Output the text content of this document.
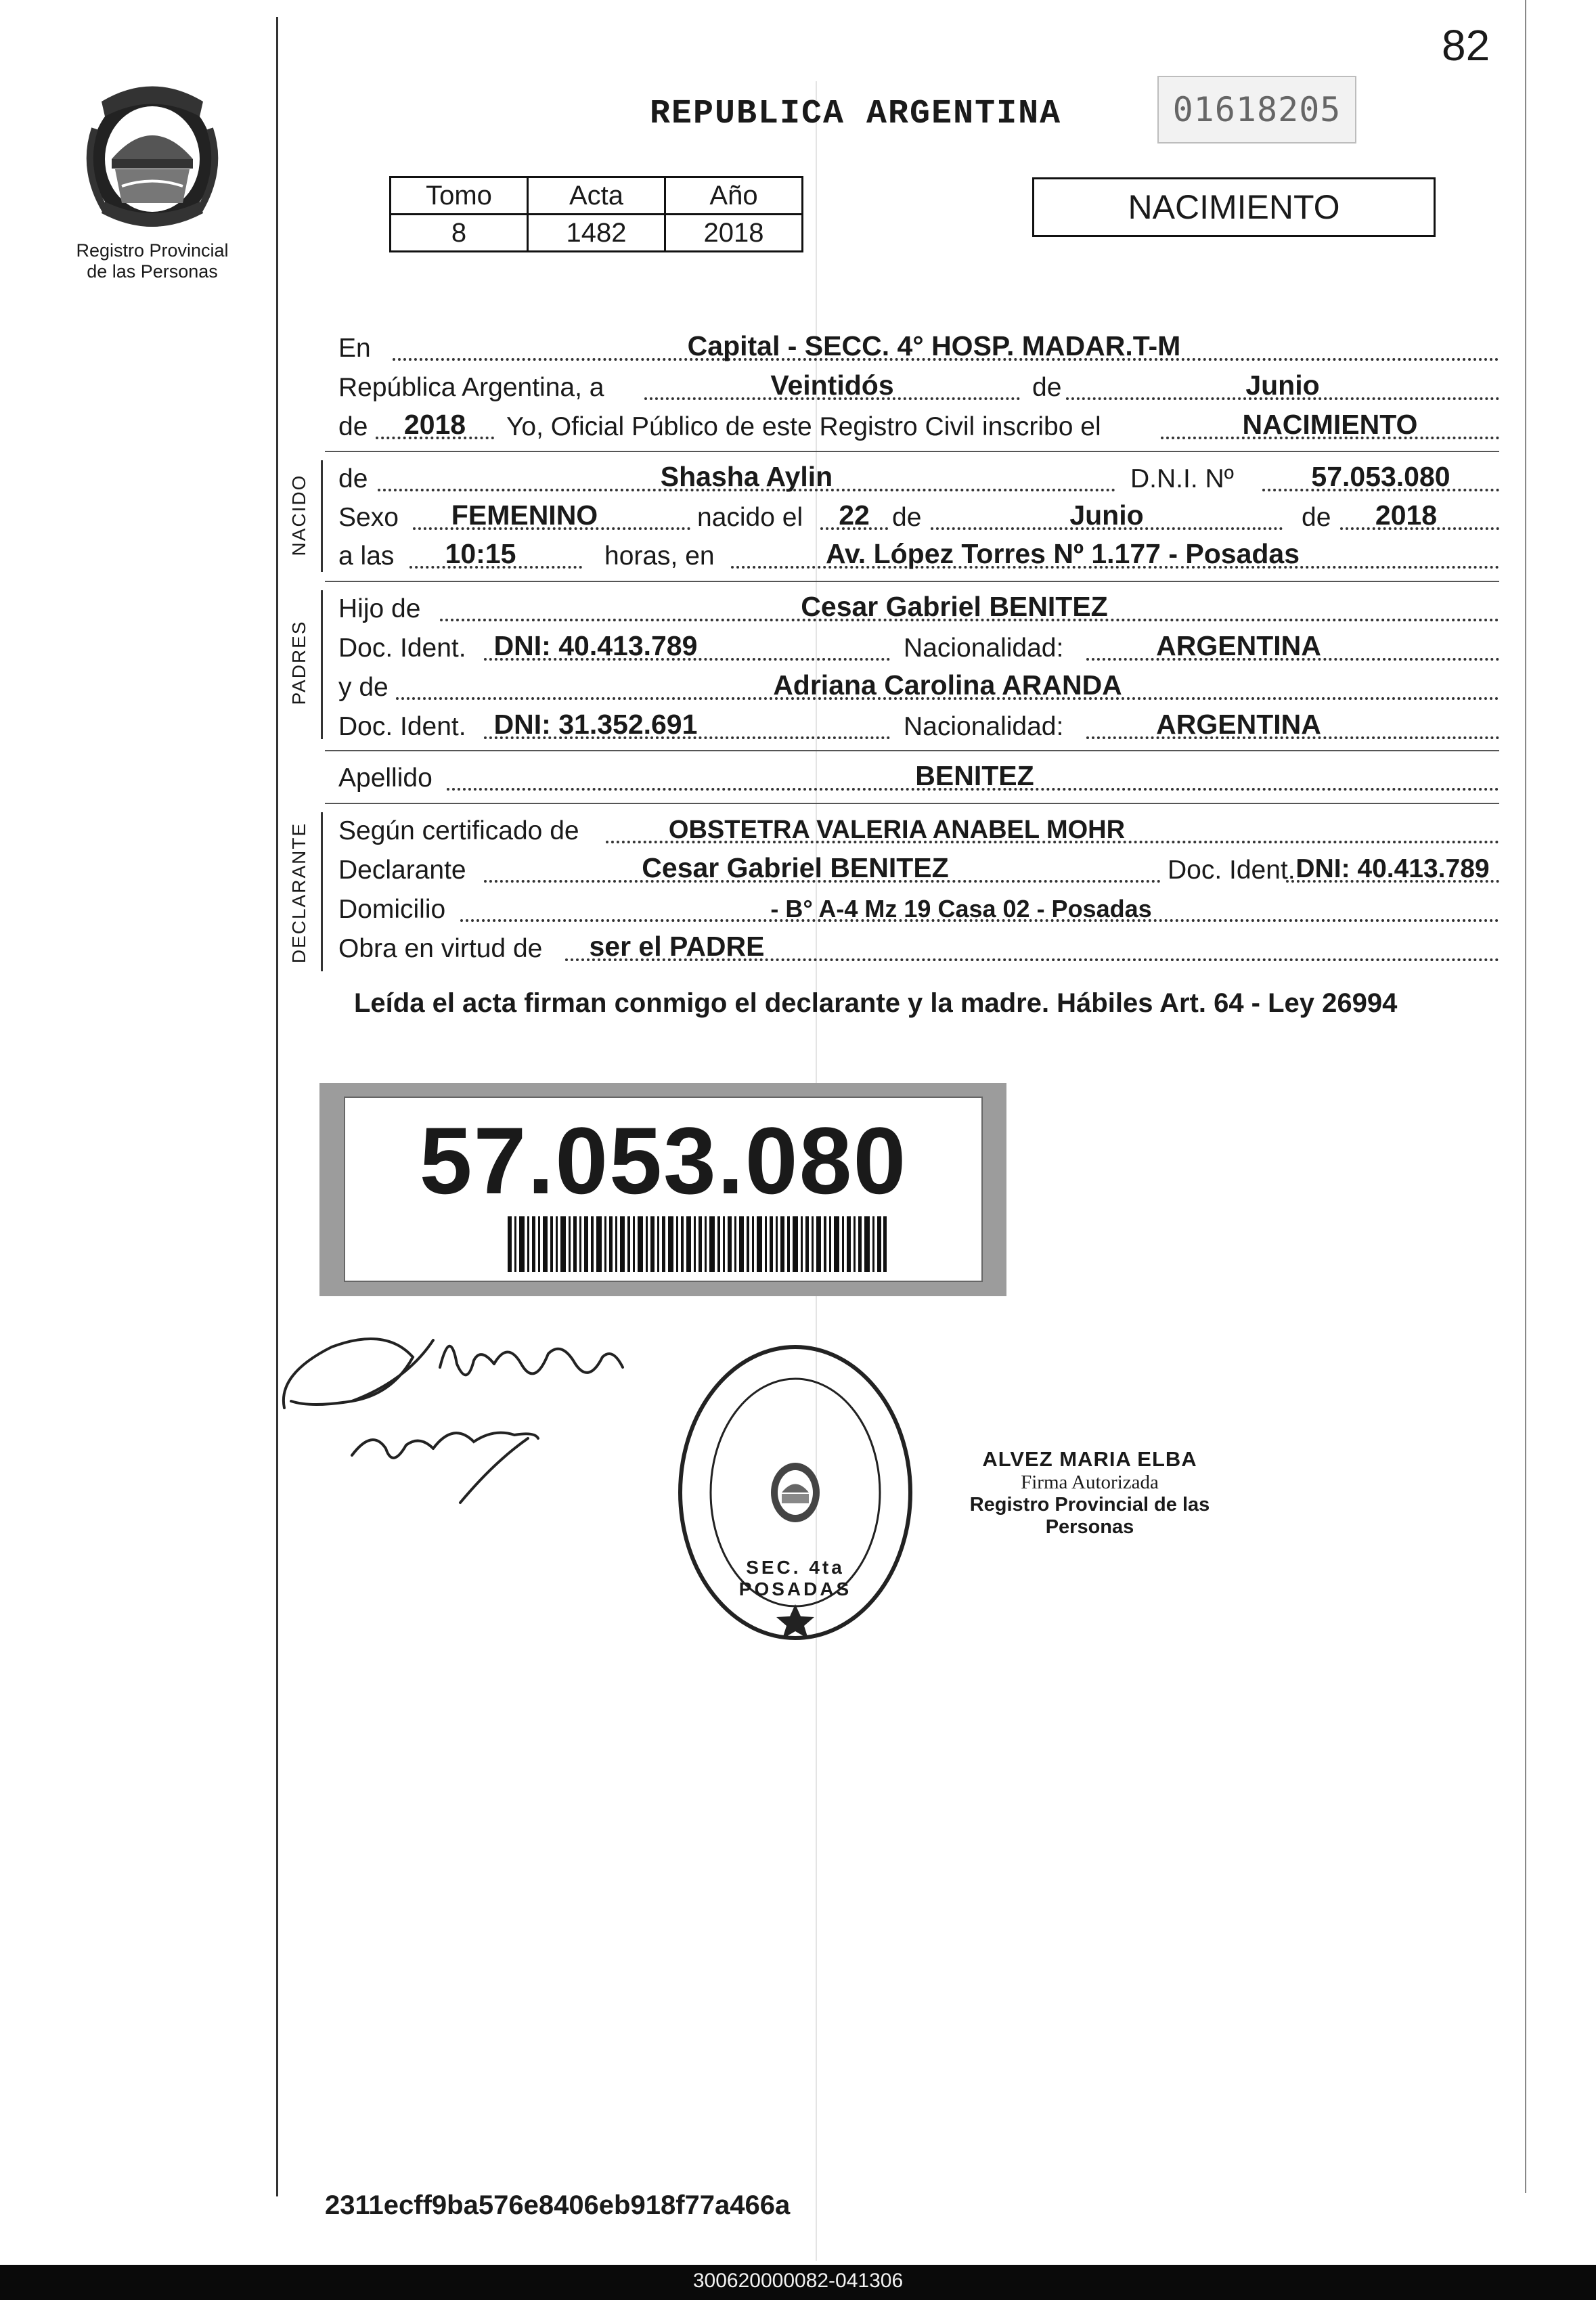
82
Registro Provincial
de las Personas
REPUBLICA ARGENTINA	01618205
Tomo	Acta	Año
8	1482	2018
NACIMIENTO
En	Capital - SECC. 4° HOSP. MADAR.T-M
República Argentina, a	Veintidós	de	Junio
de	2018	Yo, Oficial Público de este Registro Civil inscribo el	NACIMIENTO
NACIDO de	Shasha Aylin	D.N.I. Nº	57.053.080
Sexo	FEMENINO	nacido el	22 de	Junio	de	2018
a las	10:15	horas, en	Av. López Torres Nº 1.177 - Posadas
PADRES
Hijo de	Cesar Gabriel BENITEZ
Doc. Ident. DNI: 40.413.789	Nacionalidad:	ARGENTINA
y de	Adriana Carolina ARANDA
Doc. Ident. DNI: 31.352.691	Nacionalidad:	ARGENTINA
Apellido	BENITEZ
DECLARANTE Según certificado de	OBSTETRA VALERIA ANABEL MOHR
Declarante	Cesar Gabriel BENITEZ	Doc. Ident. DNI: 40.413.789
Domicilio	- B° A-4 Mz 19 Casa 02 - Posadas
Obra en virtud de	ser el PADRE
Leída el acta firman conmigo el declarante y la madre. Hábiles Art. 64 - Ley 26994
57.053.080
SEC. 4ta POSADAS
ALVEZ MARIA ELBA
Firma Autorizada
Registro Provincial de las Personas
2311ecff9ba576e8406eb918f77a466a
300620000082-041306
